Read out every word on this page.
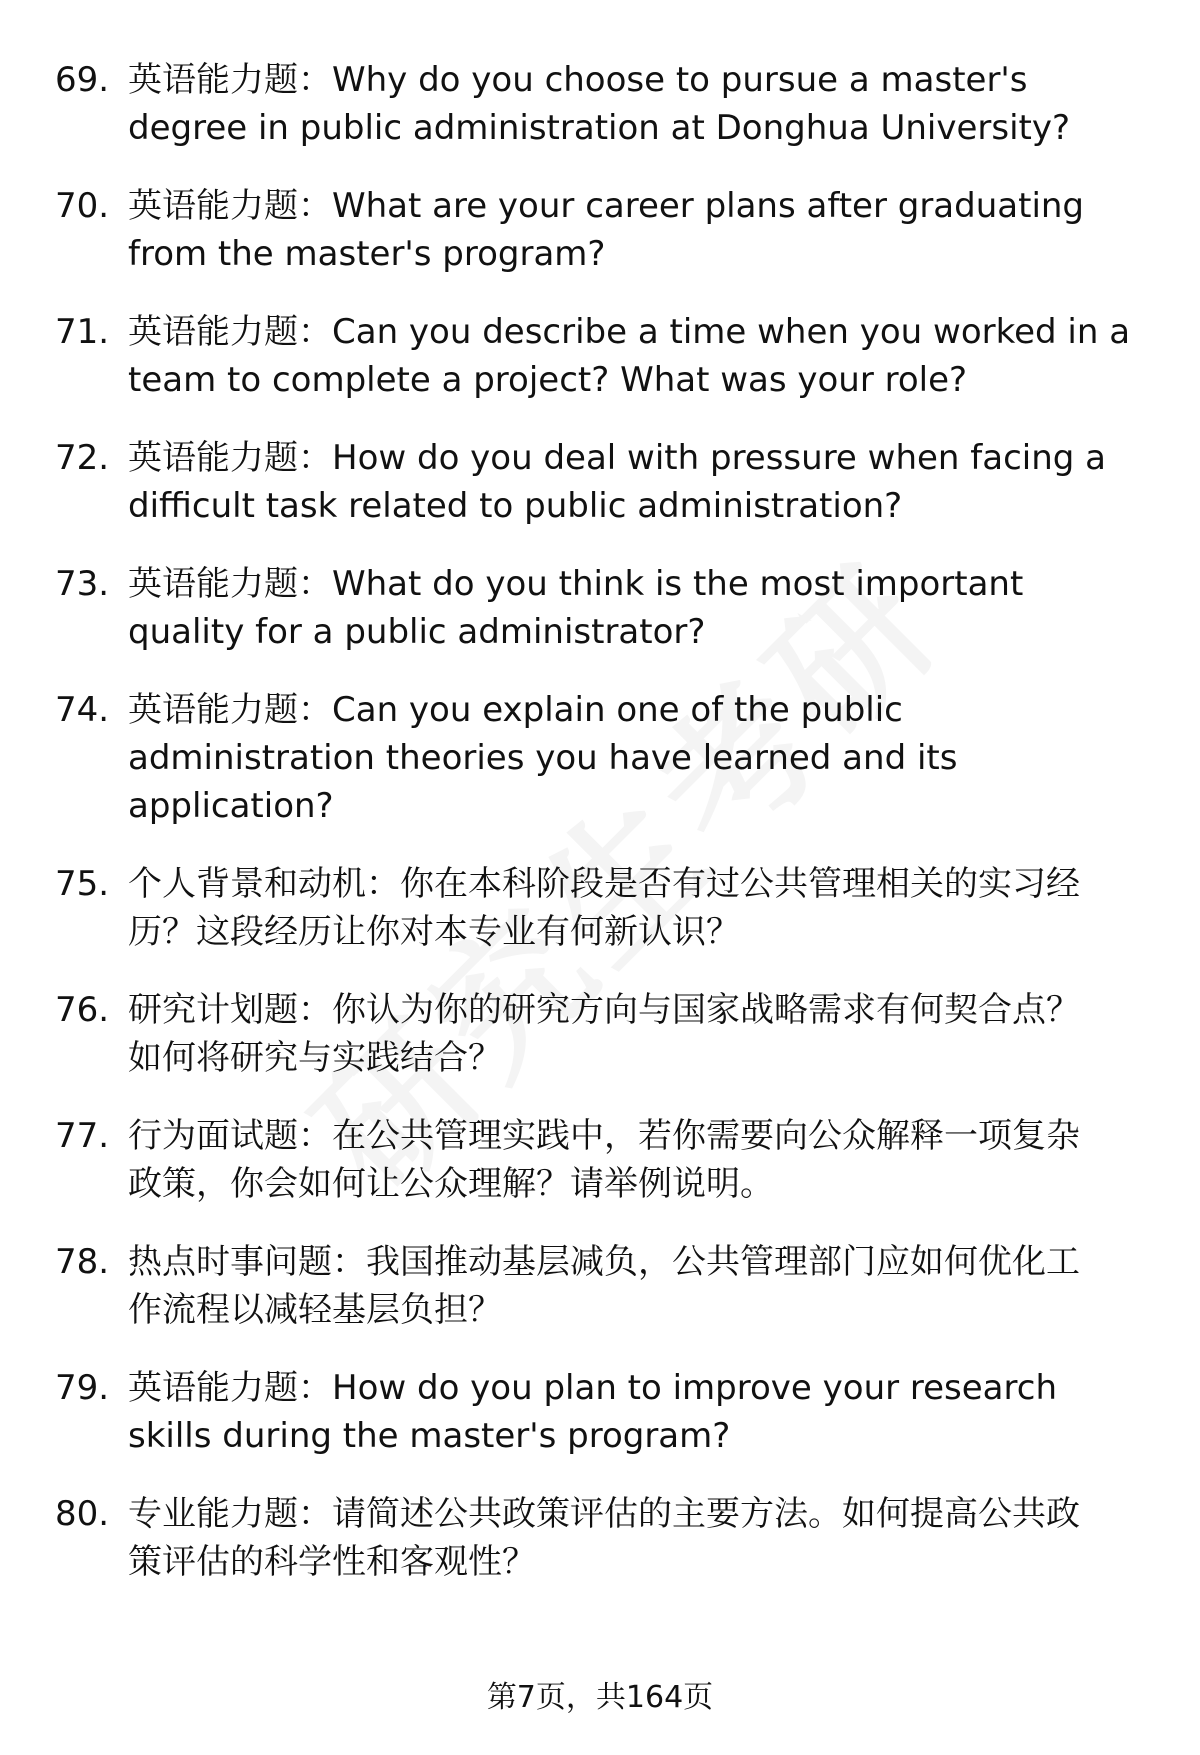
69. 英语能力题：Why do you choose to pursue a master's
degree in public administration at Donghua University?
70. 英语能力题：What are your career plans after graduating
from the master's program?
71. 英语能力题：Can you describe a time when you worked in a
team to complete a project? What was your role?
72. 英语能力题：How do you deal with pressure when facing a
difficult task related to public administration?
73. 英语能力题：What do you think is the most important
quality for a public administrator?
74. 英语能力题：Can you explain one of the public
administration theories you have learned and its
application?
75. 个人背景和动机：你在本科阶段是否有过公共管理相关的实习经
历？这段经历让你对本专业有何新认识？
76. 研究计划题：你认为你的研究方向与国家战略需求有何契合点？
如何将研究与实践结合？
77. 行为面试题：在公共管理实践中，若你需要向公众解释一项复杂
政策，你会如何让公众理解？请举例说明。
78. 热点时事问题：我国推动基层减负，公共管理部门应如何优化工
作流程以减轻基层负担？
79. 英语能力题：How do you plan to improve your research
skills during the master's program?
80. 专业能力题：请简述公共政策评估的主要方法。如何提高公共政
策评估的科学性和客观性？
第7页，共164页
